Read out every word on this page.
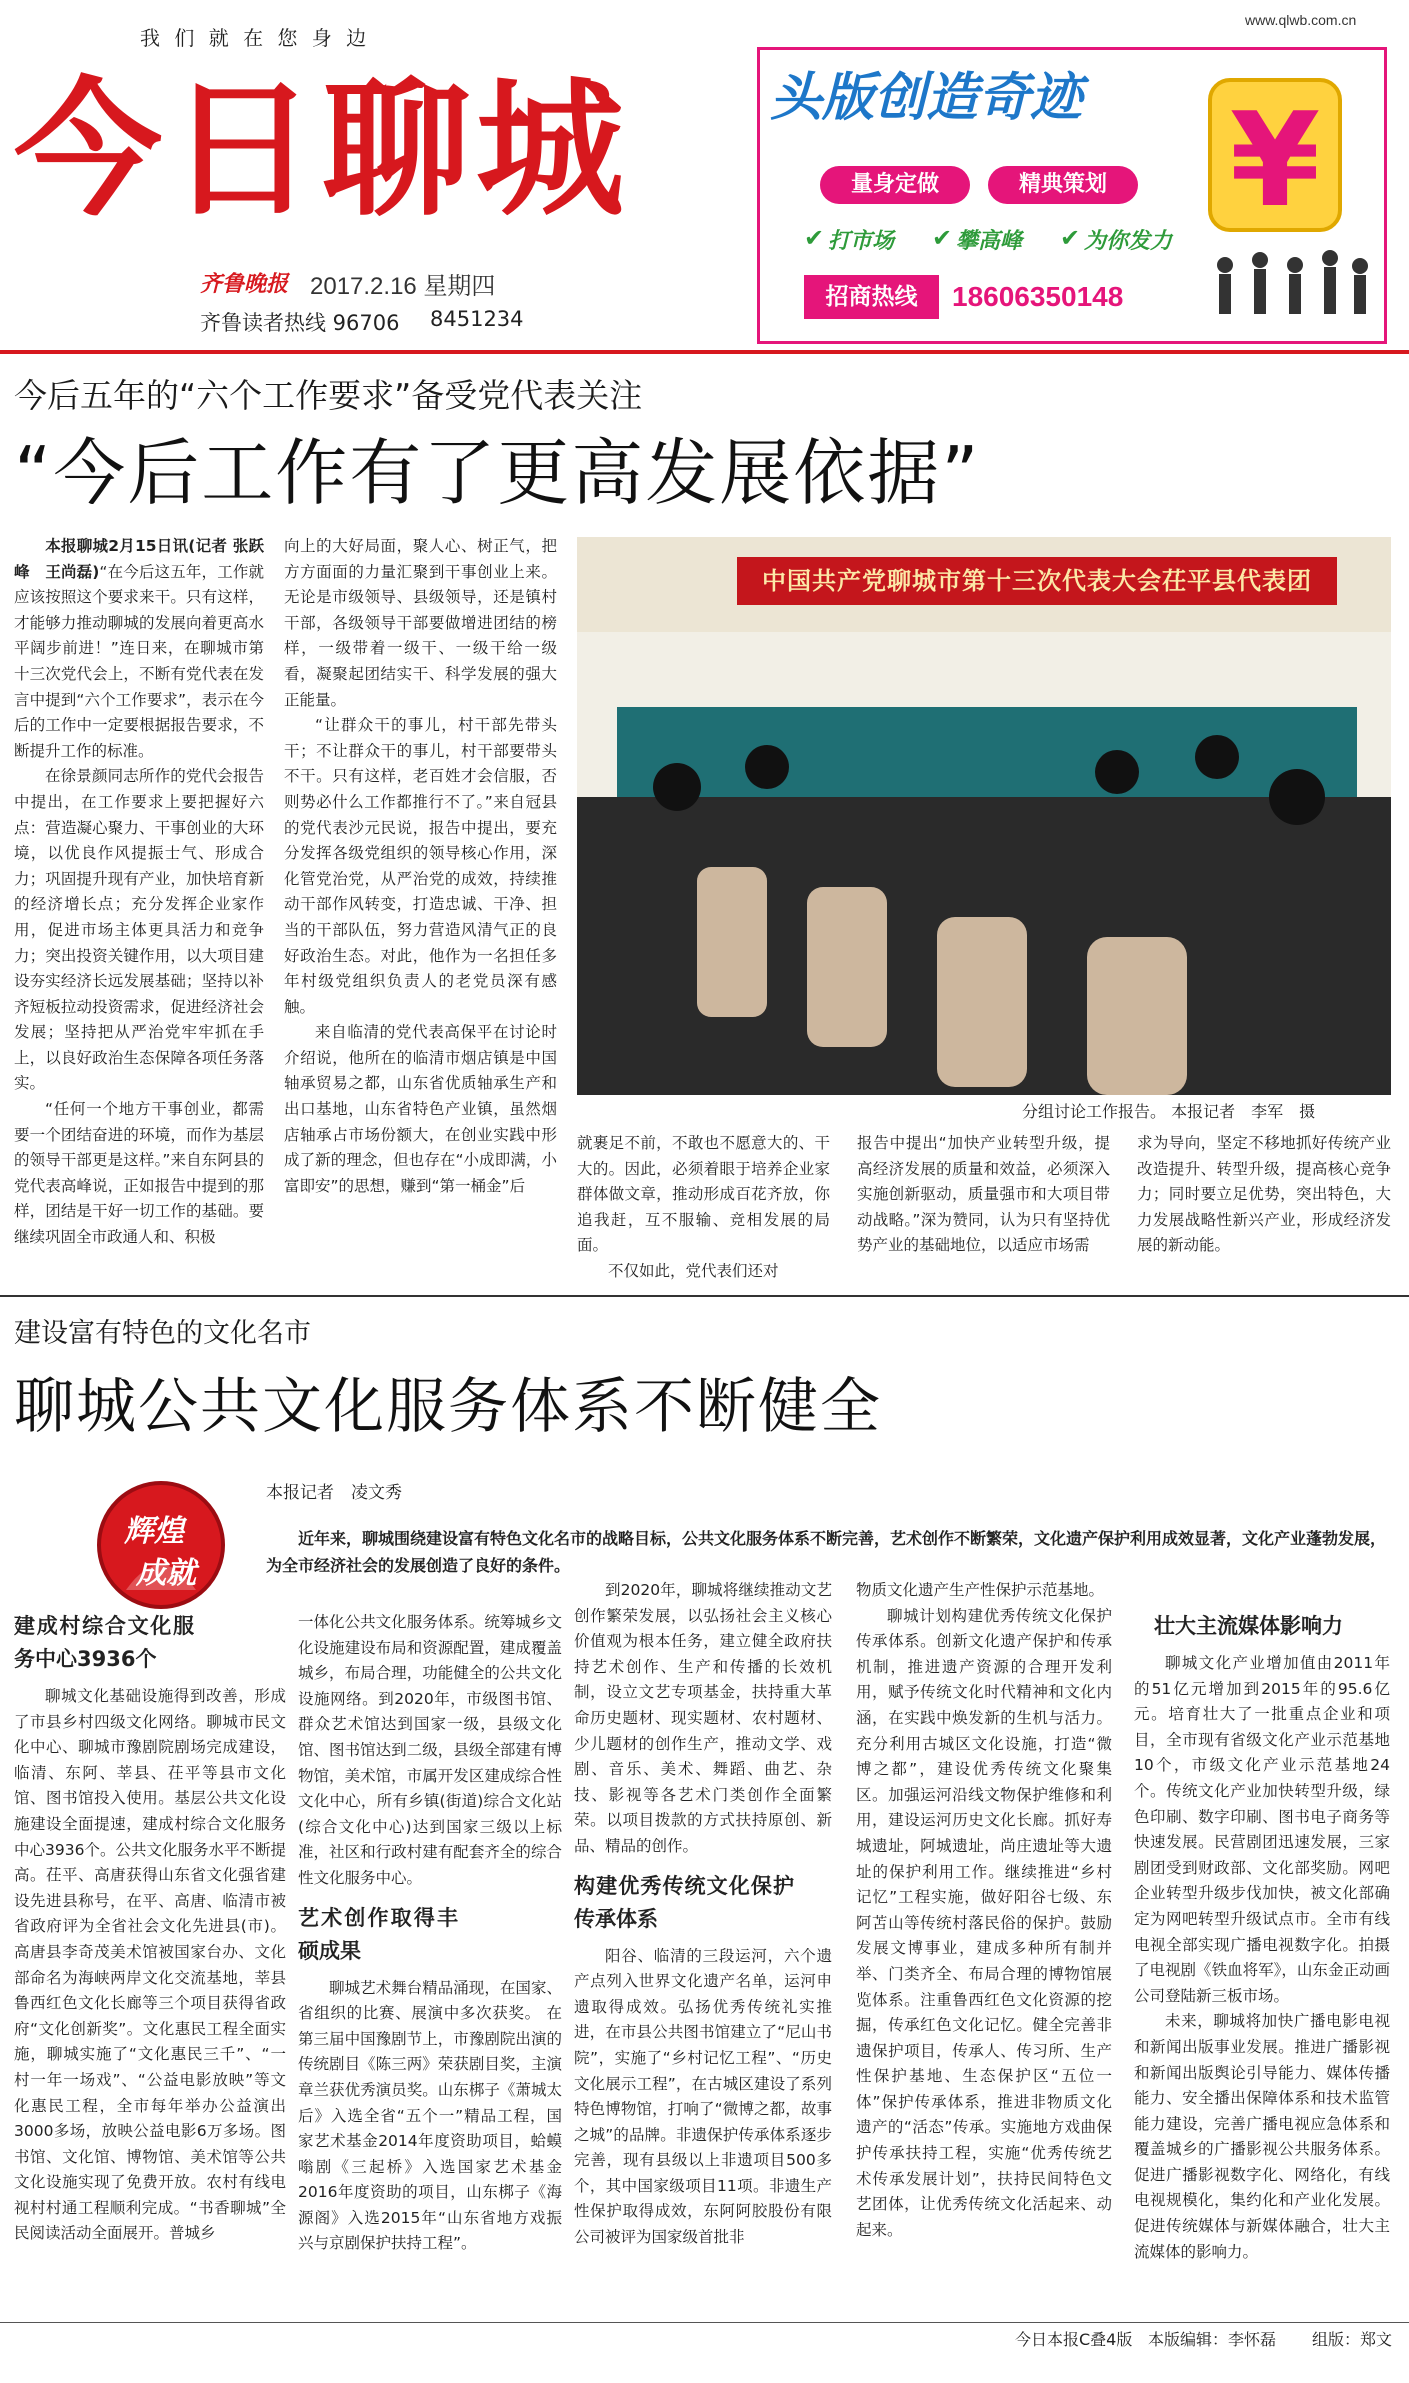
我 们 就 在 您 身 边
www.qlwb.com.cn
今日聊城
齐鲁晚报 2017.2.16 星期四
齐鲁读者热线 96706 8451234
头版创造奇迹
量身定做	精典策划
✔ 打市场 ✔ 攀高峰 ✔ 为你发力
招商热线	18606350148
¥
今后五年的“六个工作要求”备受党代表关注
“今后工作有了更高发展依据”
中国共产党聊城市第十三次代表大会茌平县代表团
分组讨论工作报告。 本报记者　李军　摄

  本报聊城2月15日讯(记者 张跃峰　王尚磊)“在今后这五年，工作就应该按照这个要求来干。只有这样，才能够力推动聊城的发展向着更高水平阔步前进！”连日来，在聊城市第十三次党代会上，不断有党代表在发言中提到“六个工作要求”，表示在今后的工作中一定要根据报告要求，不断提升工作的标准。

在徐景颜同志所作的党代会报告中提出，在工作要求上要把握好六点：营造凝心聚力、干事创业的大环境，以优良作风提振士气、形成合力；巩固提升现有产业，加快培育新的经济增长点；充分发挥企业家作用，促进市场主体更具活力和竞争力；突出投资关键作用，以大项目建设夯实经济长远发展基础；坚持以补齐短板拉动投资需求，促进经济社会发展；坚持把从严治党牢牢抓在手上，以良好政治生态保障各项任务落实。

“任何一个地方干事创业，都需要一个团结奋进的环境，而作为基层的领导干部更是这样。”来自东阿县的党代表高峰说，正如报告中提到的那样，团结是干好一切工作的基础。要继续巩固全市政通人和、积极

向上的大好局面，聚人心、树正气，把方方面面的力量汇聚到干事创业上来。无论是市级领导、县级领导，还是镇村干部，各级领导干部要做增进团结的榜样，一级带着一级干、一级干给一级看，凝聚起团结实干、科学发展的强大正能量。

“让群众干的事儿，村干部先带头干；不让群众干的事儿，村干部要带头不干。只有这样，老百姓才会信服，否则势必什么工作都推行不了。”来自冠县的党代表沙元民说，报告中提出，要充分发挥各级党组织的领导核心作用，深化管党治党，从严治党的成效，持续推动干部作风转变，打造忠诚、干净、担当的干部队伍，努力营造风清气正的良好政治生态。对此，他作为一名担任多年村级党组织负责人的老党员深有感触。

来自临清的党代表高保平在讨论时介绍说，他所在的临清市烟店镇是中国轴承贸易之都，山东省优质轴承生产和出口基地，山东省特色产业镇，虽然烟店轴承占市场份额大，在创业实践中形成了新的理念，但也存在“小成即满，小富即安”的思想，赚到“第一桶金”后

就裹足不前，不敢也不愿意大的、干大的。因此，必须着眼于培养企业家群体做文章，推动形成百花齐放，你追我赶，互不服输、竞相发展的局面。

不仅如此，党代表们还对

报告中提出“加快产业转型升级，提高经济发展的质量和效益，必须深入实施创新驱动，质量强市和大项目带动战略。”深为赞同，认为只有坚持优势产业的基础地位，以适应市场需

求为导向，坚定不移地抓好传统产业改造提升、转型升级，提高核心竞争力；同时要立足优势，突出特色，大力发展战略性新兴产业，形成经济发展的新动能。

建设富有特色的文化名市
聊城公共文化服务体系不断健全
辉煌
成就
本报记者　凌文秀

近年来，聊城围绕建设富有特色文化名市的战略目标，公共文化服务体系不断完善，艺术创作不断繁荣，文化遗产保护利用成效显著，文化产业蓬勃发展，为全市经济社会的发展创造了良好的条件。

建成村综合文化服务中心3936个

聊城文化基础设施得到改善，形成了市县乡村四级文化网络。聊城市民文化中心、聊城市豫剧院剧场完成建设，临清、东阿、莘县、茌平等县市文化馆、图书馆投入使用。基层公共文化设施建设全面提速，建成村综合文化服务中心3936个。公共文化服务水平不断提高。茌平、高唐获得山东省文化强省建设先进县称号，在平、高唐、临清市被省政府评为全省社会文化先进县(市)。高唐县李奇茂美术馆被国家台办、文化部命名为海峡两岸文化交流基地，莘县鲁西红色文化长廊等三个项目获得省政府“文化创新奖”。文化惠民工程全面实施，聊城实施了“文化惠民三千”、“一村一年一场戏”、“公益电影放映”等文化惠民工程，全市每年举办公益演出3000多场，放映公益电影6万多场。图书馆、文化馆、博物馆、美术馆等公共文化设施实现了免费开放。农村有线电视村村通工程顺利完成。“书香聊城”全民阅读活动全面展开。普城乡

一体化公共文化服务体系。统筹城乡文化设施建设布局和资源配置，建成覆盖城乡，布局合理，功能健全的公共文化设施网络。到2020年，市级图书馆、群众艺术馆达到国家一级，县级文化馆、图书馆达到二级，县级全部建有博物馆，美术馆，市属开发区建成综合性文化中心，所有乡镇(街道)综合文化站(综合文化中心)达到国家三级以上标准，社区和行政村建有配套齐全的综合性文化服务中心。

艺术创作取得丰硕成果

聊城艺术舞台精品涌现，在国家、省组织的比赛、展演中多次获奖。 在第三届中国豫剧节上，市豫剧院出演的传统剧目《陈三两》荣获剧目奖，主演章兰获优秀演员奖。山东梆子《萧城太后》入选全省“五个一”精品工程，国家艺术基金2014年度资助项目，蛤蟆嗡剧《三起桥》入选国家艺术基金2016年度资助的项目，山东梆子《海源阁》入选2015年“山东省地方戏振兴与京剧保护扶持工程”。

到2020年，聊城将继续推动文艺创作繁荣发展，以弘扬社会主义核心价值观为根本任务，建立健全政府扶持艺术创作、生产和传播的长效机制，设立文艺专项基金，扶持重大革命历史题材、现实题材、农村题材、少儿题材的创作生产，推动文学、戏剧、音乐、美术、舞蹈、曲艺、杂技、影视等各艺术门类创作全面繁荣。以项目拨款的方式扶持原创、新品、精品的创作。

构建优秀传统文化保护传承体系

阳谷、临清的三段运河，六个遗产点列入世界文化遗产名单，运河申遗取得成效。弘扬优秀传统礼实推进，在市县公共图书馆建立了“尼山书院”，实施了“乡村记忆工程”、“历史文化展示工程”，在古城区建设了系列特色博物馆，打响了“微博之都，故事之城”的品牌。非遗保护传承体系逐步完善，现有县级以上非遗项目500多个，其中国家级项目11项。非遗生产性保护取得成效，东阿阿胶股份有限公司被评为国家级首批非

物质文化遗产生产性保护示范基地。

聊城计划构建优秀传统文化保护传承体系。创新文化遗产保护和传承机制，推进遗产资源的合理开发利用，赋予传统文化时代精神和文化内涵，在实践中焕发新的生机与活力。充分利用古城区文化设施，打造“微博之都”，建设优秀传统文化聚集区。加强运河沿线文物保护维修和利用，建设运河历史文化长廊。抓好寿城遗址，阿城遗址，尚庄遗址等大遗址的保护利用工作。继续推进“乡村记忆”工程实施，做好阳谷七级、东阿苫山等传统村落民俗的保护。鼓励发展文博事业，建成多种所有制并举、门类齐全、布局合理的博物馆展览体系。注重鲁西红色文化资源的挖掘，传承红色文化记忆。健全完善非遗保护项目，传承人、传习所、生产性保护基地、生态保护区“五位一体”保护传承体系，推进非物质文化遗产的“活态”传承。实施地方戏曲保护传承扶持工程，实施“优秀传统艺术传承发展计划”，扶持民间特色文艺团体，让优秀传统文化活起来、动起来。

壮大主流媒体影响力

聊城文化产业增加值由2011年的51亿元增加到2015年的95.6亿元。培育壮大了一批重点企业和项目，全市现有省级文化产业示范基地10个，市级文化产业示范基地24个。传统文化产业加快转型升级，绿色印刷、数字印刷、图书电子商务等快速发展。民营剧团迅速发展，三家剧团受到财政部、文化部奖励。网吧企业转型升级步伐加快，被文化部确定为网吧转型升级试点市。全市有线电视全部实现广播电视数字化。拍摄了电视剧《铁血将军》，山东金正动画公司登陆新三板市场。

未来，聊城将加快广播电影电视和新闻出版事业发展。推进广播影视和新闻出版舆论引导能力、媒体传播能力、安全播出保障体系和技术监管能力建设，完善广播电视应急体系和覆盖城乡的广播影视公共服务体系。促进广播影视数字化、网络化，有线电视规模化，集约化和产业化发展。促进传统媒体与新媒体融合，壮大主流媒体的影响力。

今日本报C叠4版 本版编辑：李怀磊 组版：郑文
